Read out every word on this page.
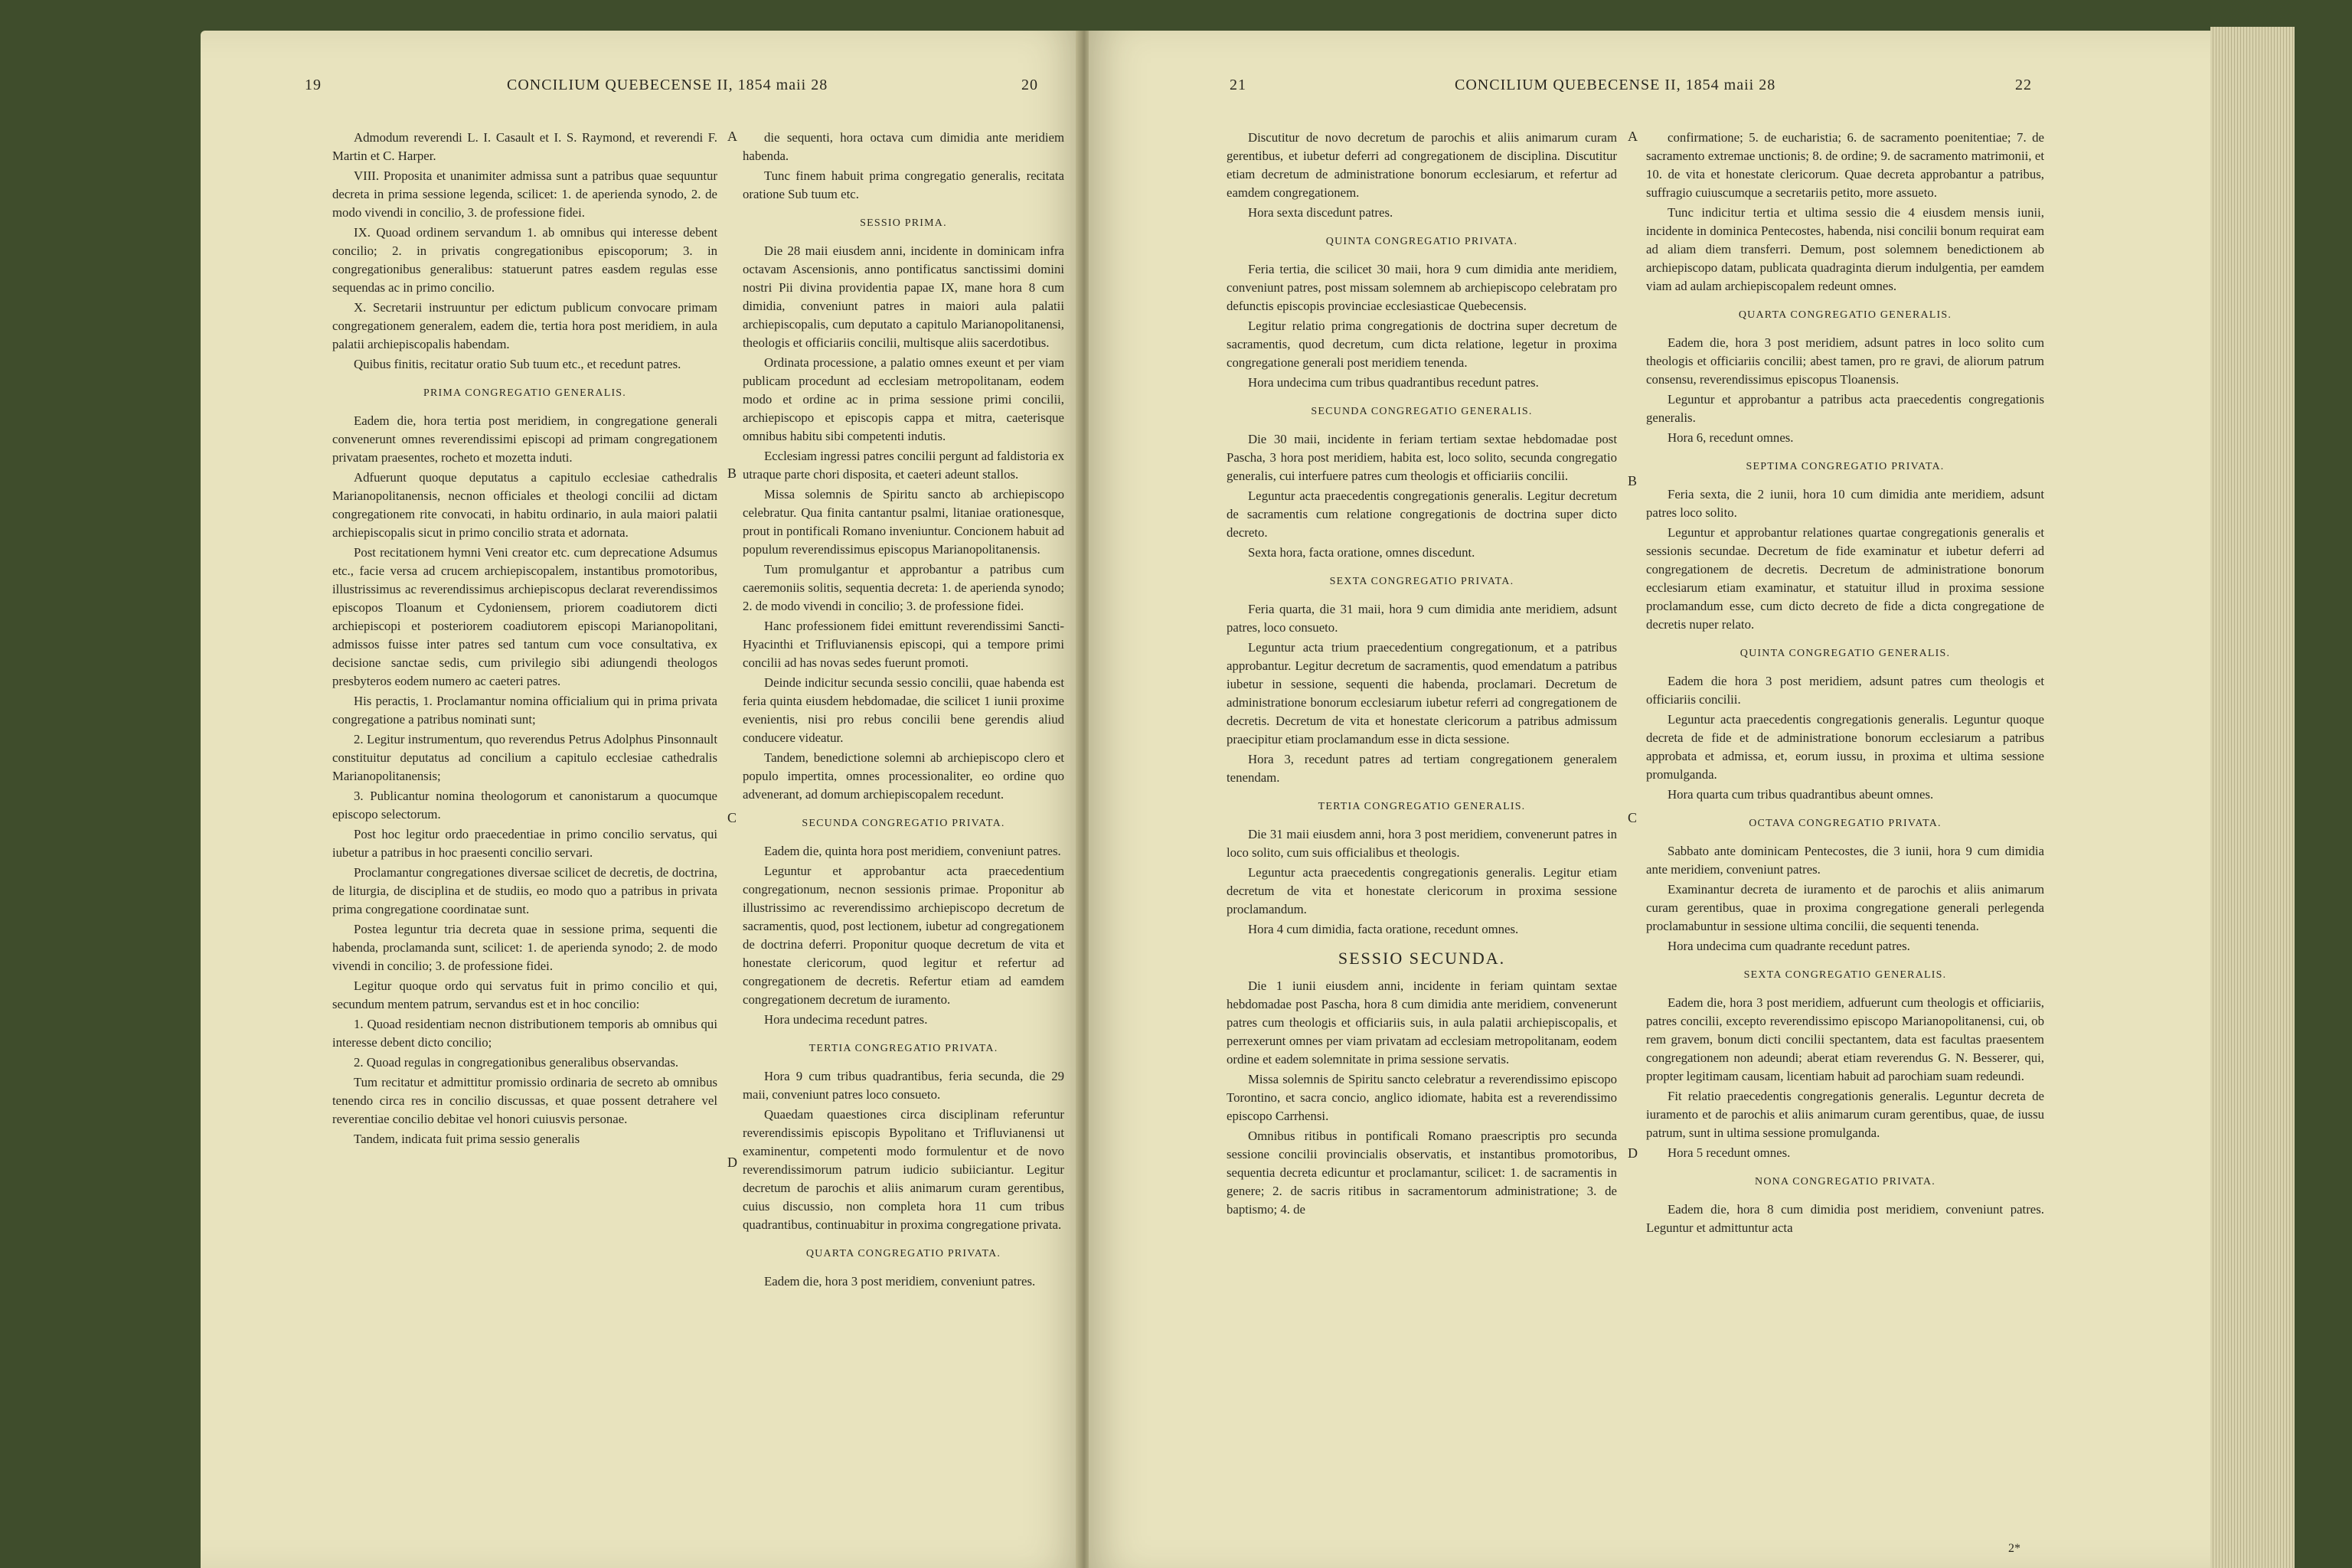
19	CONCILIUM QUEBECENSE II, 1854 maii 28	20

Admodum reverendi L. I. Casault et I. S. Raymond, et reverendi F. Martin et C. Harper.

VIII. Proposita et unanimiter admissa sunt a patribus quae sequuntur decreta in prima sessione legenda, scilicet: 1. de aperienda synodo, 2. de modo vivendi in concilio, 3. de professione fidei.

IX. Quoad ordinem servandum 1. ab omnibus qui interesse debent concilio; 2. in privatis congregationibus episcoporum; 3. in congregationibus generalibus: statuerunt patres easdem regulas esse sequendas ac in primo concilio.

X. Secretarii instruuntur per edictum publicum convocare primam congregationem generalem, eadem die, tertia hora post meridiem, in aula palatii archiepiscopalis habendam.

Quibus finitis, recitatur oratio Sub tuum etc., et recedunt patres.

PRIMA CONGREGATIO GENERALIS.

Eadem die, hora tertia post meridiem, in congregatione generali convenerunt omnes reverendissimi episcopi ad primam congregationem privatam praesentes, rocheto et mozetta induti.

Adfuerunt quoque deputatus a capitulo ecclesiae cathedralis Marianopolitanensis, necnon officiales et theologi concilii ad dictam congregationem rite convocati, in habitu ordinario, in aula maiori palatii archiepiscopalis sicut in primo concilio strata et adornata.

Post recitationem hymni Veni creator etc. cum deprecatione Adsumus etc., facie versa ad crucem archiepiscopalem, instantibus promotoribus, illustrissimus ac reverendissimus archiepiscopus declarat reverendissimos episcopos Tloanum et Cydoniensem, priorem coadiutorem dicti archiepiscopi et posteriorem coadiutorem episcopi Marianopolitani, admissos fuisse inter patres sed tantum cum voce consultativa, ex decisione sanctae sedis, cum privilegio sibi adiungendi theologos presbyteros eodem numero ac caeteri patres.

His peractis, 1. Proclamantur nomina officialium qui in prima privata congregatione a patribus nominati sunt;

2. Legitur instrumentum, quo reverendus Petrus Adolphus Pinsonnault constituitur deputatus ad concilium a capitulo ecclesiae cathedralis Marianopolitanensis;

3. Publicantur nomina theologorum et canonistarum a quocumque episcopo selectorum.

Post hoc legitur ordo praecedentiae in primo concilio servatus, qui iubetur a patribus in hoc praesenti concilio servari.

Proclamantur congregationes diversae scilicet de decretis, de doctrina, de liturgia, de disciplina et de studiis, eo modo quo a patribus in privata prima congregatione coordinatae sunt.

Postea leguntur tria decreta quae in sessione prima, sequenti die habenda, proclamanda sunt, scilicet: 1. de aperienda synodo; 2. de modo vivendi in concilio; 3. de professione fidei.

Legitur quoque ordo qui servatus fuit in primo concilio et qui, secundum mentem patrum, servandus est et in hoc concilio:

1. Quoad residentiam necnon distributionem temporis ab omnibus qui interesse debent dicto concilio;

2. Quoad regulas in congregationibus generalibus observandas.

Tum recitatur et admittitur promissio ordinaria de secreto ab omnibus tenendo circa res in concilio discussas, et quae possent detrahere vel reverentiae concilio debitae vel honori cuiusvis personae.

Tandem, indicata fuit prima sessio generalis

die sequenti, hora octava cum dimidia ante meridiem habenda.

Tunc finem habuit prima congregatio generalis, recitata oratione Sub tuum etc.

SESSIO PRIMA.

Die 28 maii eiusdem anni, incidente in dominicam infra octavam Ascensionis, anno pontificatus sanctissimi domini nostri Pii divina providentia papae IX, mane hora 8 cum dimidia, conveniunt patres in maiori aula palatii archiepiscopalis, cum deputato a capitulo Marianopolitanensi, theologis et officiariis concilii, multisque aliis sacerdotibus.

Ordinata processione, a palatio omnes exeunt et per viam publicam procedunt ad ecclesiam metropolitanam, eodem modo et ordine ac in prima sessione primi concilii, archiepiscopo et episcopis cappa et mitra, caeterisque omnibus habitu sibi competenti indutis.

Ecclesiam ingressi patres concilii pergunt ad faldistoria ex utraque parte chori disposita, et caeteri adeunt stallos.

Missa solemnis de Spiritu sancto ab archiepiscopo celebratur. Qua finita cantantur psalmi, litaniae orationesque, prout in pontificali Romano inveniuntur. Concionem habuit ad populum reverendissimus episcopus Marianopolitanensis.

Tum promulgantur et approbantur a patribus cum caeremoniis solitis, sequentia decreta: 1. de aperienda synodo; 2. de modo vivendi in concilio; 3. de professione fidei.

Hanc professionem fidei emittunt reverendissimi Sancti-Hyacinthi et Trifluvianensis episcopi, qui a tempore primi concilii ad has novas sedes fuerunt promoti.

Deinde indicitur secunda sessio concilii, quae habenda est feria quinta eiusdem hebdomadae, die scilicet 1 iunii proxime evenientis, nisi pro rebus concilii bene gerendis aliud conducere videatur.

Tandem, benedictione solemni ab archiepiscopo clero et populo impertita, omnes processionaliter, eo ordine quo advenerant, ad domum archiepiscopalem recedunt.

SECUNDA CONGREGATIO PRIVATA.

Eadem die, quinta hora post meridiem, conveniunt patres.

Leguntur et approbantur acta praecedentium congregationum, necnon sessionis primae. Proponitur ab illustrissimo ac reverendissimo archiepiscopo decretum de sacramentis, quod, post lectionem, iubetur ad congregationem de doctrina deferri. Proponitur quoque decretum de vita et honestate clericorum, quod legitur et refertur ad congregationem de decretis. Refertur etiam ad eamdem congregationem decretum de iuramento.

Hora undecima recedunt patres.

TERTIA CONGREGATIO PRIVATA.

Hora 9 cum tribus quadrantibus, feria secunda, die 29 maii, conveniunt patres loco consueto.

Quaedam quaestiones circa disciplinam referuntur reverendissimis episcopis Bypolitano et Trifluvianensi ut examinentur, competenti modo formulentur et de novo reverendissimorum patrum iudicio subiiciantur. Legitur decretum de parochis et aliis animarum curam gerentibus, cuius discussio, non completa hora 11 cum tribus quadrantibus, continuabitur in proxima congregatione privata.

QUARTA CONGREGATIO PRIVATA.

Eadem die, hora 3 post meridiem, conveniunt patres.

A
B
C
D
21	CONCILIUM QUEBECENSE II, 1854 maii 28	22

Discutitur de novo decretum de parochis et aliis animarum curam gerentibus, et iubetur deferri ad congregationem de disciplina. Discutitur etiam decretum de administratione bonorum ecclesiarum, et refertur ad eamdem congregationem.

Hora sexta discedunt patres.

QUINTA CONGREGATIO PRIVATA.

Feria tertia, die scilicet 30 maii, hora 9 cum dimidia ante meridiem, conveniunt patres, post missam solemnem ab archiepiscopo celebratam pro defunctis episcopis provinciae ecclesiasticae Quebecensis.

Legitur relatio prima congregationis de doctrina super decretum de sacramentis, quod decretum, cum dicta relatione, legetur in proxima congregatione generali post meridiem tenenda.

Hora undecima cum tribus quadrantibus recedunt patres.

SECUNDA CONGREGATIO GENERALIS.

Die 30 maii, incidente in feriam tertiam sextae hebdomadae post Pascha, 3 hora post meridiem, habita est, loco solito, secunda congregatio generalis, cui interfuere patres cum theologis et officiariis concilii.

Leguntur acta praecedentis congregationis generalis. Legitur decretum de sacramentis cum relatione congregationis de doctrina super dicto decreto.

Sexta hora, facta oratione, omnes discedunt.

SEXTA CONGREGATIO PRIVATA.

Feria quarta, die 31 maii, hora 9 cum dimidia ante meridiem, adsunt patres, loco consueto.

Leguntur acta trium praecedentium congregationum, et a patribus approbantur. Legitur decretum de sacramentis, quod emendatum a patribus iubetur in sessione, sequenti die habenda, proclamari. Decretum de administratione bonorum ecclesiarum iubetur referri ad congregationem de decretis. Decretum de vita et honestate clericorum a patribus admissum praecipitur etiam proclamandum esse in dicta sessione.

Hora 3, recedunt patres ad tertiam congregationem generalem tenendam.

TERTIA CONGREGATIO GENERALIS.

Die 31 maii eiusdem anni, hora 3 post meridiem, convenerunt patres in loco solito, cum suis officialibus et theologis.

Leguntur acta praecedentis congregationis generalis. Legitur etiam decretum de vita et honestate clericorum in proxima sessione proclamandum.

Hora 4 cum dimidia, facta oratione, recedunt omnes.

SESSIO SECUNDA.

Die 1 iunii eiusdem anni, incidente in feriam quintam sextae hebdomadae post Pascha, hora 8 cum dimidia ante meridiem, convenerunt patres cum theologis et officiariis suis, in aula palatii archiepiscopalis, et perrexerunt omnes per viam privatam ad ecclesiam metropolitanam, eodem ordine et eadem solemnitate in prima sessione servatis.

Missa solemnis de Spiritu sancto celebratur a reverendissimo episcopo Torontino, et sacra concio, anglico idiomate, habita est a reverendissimo episcopo Carrhensi.

Omnibus ritibus in pontificali Romano praescriptis pro secunda sessione concilii provincialis observatis, et instantibus promotoribus, sequentia decreta edicuntur et proclamantur, scilicet: 1. de sacramentis in genere; 2. de sacris ritibus in sacramentorum administratione; 3. de baptismo; 4. de

confirmatione; 5. de eucharistia; 6. de sacramento poenitentiae; 7. de sacramento extremae unctionis; 8. de ordine; 9. de sacramento matrimonii, et 10. de vita et honestate clericorum. Quae decreta approbantur a patribus, suffragio cuiuscumque a secretariis petito, more assueto.

Tunc indicitur tertia et ultima sessio die 4 eiusdem mensis iunii, incidente in dominica Pentecostes, habenda, nisi concilii bonum requirat eam ad aliam diem transferri. Demum, post solemnem benedictionem ab archiepiscopo datam, publicata quadraginta dierum indulgentia, per eamdem viam ad aulam archiepiscopalem redeunt omnes.

QUARTA CONGREGATIO GENERALIS.

Eadem die, hora 3 post meridiem, adsunt patres in loco solito cum theologis et officiariis concilii; abest tamen, pro re gravi, de aliorum patrum consensu, reverendissimus episcopus Tloanensis.

Leguntur et approbantur a patribus acta praecedentis congregationis generalis.

Hora 6, recedunt omnes.

SEPTIMA CONGREGATIO PRIVATA.

Feria sexta, die 2 iunii, hora 10 cum dimidia ante meridiem, adsunt patres loco solito.

Leguntur et approbantur relationes quartae congregationis generalis et sessionis secundae. Decretum de fide examinatur et iubetur deferri ad congregationem de decretis. Decretum de administratione bonorum ecclesiarum etiam examinatur, et statuitur illud in proxima sessione proclamandum esse, cum dicto decreto de fide a dicta congregatione de decretis nuper relato.

QUINTA CONGREGATIO GENERALIS.

Eadem die hora 3 post meridiem, adsunt patres cum theologis et officiariis concilii.

Leguntur acta praecedentis congregationis generalis. Leguntur quoque decreta de fide et de administratione bonorum ecclesiarum a patribus approbata et admissa, et, eorum iussu, in proxima et ultima sessione promulganda.

Hora quarta cum tribus quadrantibus abeunt omnes.

OCTAVA CONGREGATIO PRIVATA.

Sabbato ante dominicam Pentecostes, die 3 iunii, hora 9 cum dimidia ante meridiem, conveniunt patres.

Examinantur decreta de iuramento et de parochis et aliis animarum curam gerentibus, quae in proxima congregatione generali perlegenda proclamabuntur in sessione ultima concilii, die sequenti tenenda.

Hora undecima cum quadrante recedunt patres.

SEXTA CONGREGATIO GENERALIS.

Eadem die, hora 3 post meridiem, adfuerunt cum theologis et officiariis, patres concilii, excepto reverendissimo episcopo Marianopolitanensi, cui, ob rem gravem, bonum dicti concilii spectantem, data est facultas praesentem congregationem non adeundi; aberat etiam reverendus G. N. Besserer, qui, propter legitimam causam, licentiam habuit ad parochiam suam redeundi.

Fit relatio praecedentis congregationis generalis. Leguntur decreta de iuramento et de parochis et aliis animarum curam gerentibus, quae, de iussu patrum, sunt in ultima sessione promulganda.

Hora 5 recedunt omnes.

NONA CONGREGATIO PRIVATA.

Eadem die, hora 8 cum dimidia post meridiem, conveniunt patres. Leguntur et admittuntur acta

A
B
C
D
2*
